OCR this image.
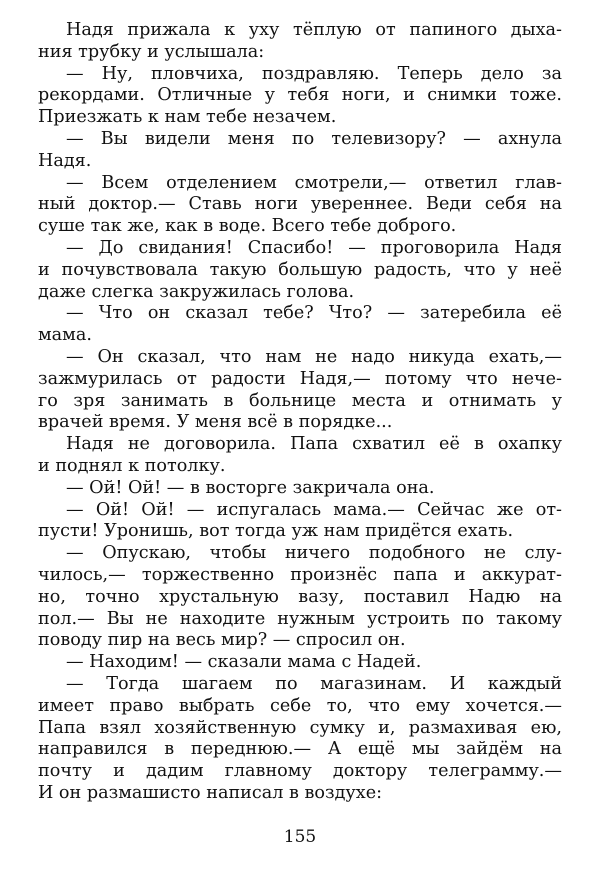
Надя прижала к уху тёплую от папиного дыха-
ния трубку и услышала:
— Ну, пловчиха, поздравляю. Теперь дело за
рекордами. Отличные у тебя ноги, и снимки тоже.
Приезжать к нам тебе незачем.
— Вы видели меня по телевизору? — ахнула
Надя.
— Всем отделением смотрели,— ответил глав-
ный доктор.— Ставь ноги увереннее. Веди себя на
суше так же, как в воде. Всего тебе доброго.
— До свидания! Спасибо! — проговорила Надя
и почувствовала такую большую радость, что у неё
даже слегка закружилась голова.
— Что он сказал тебе? Что? — затеребила её
мама.
— Он сказал, что нам не надо никуда ехать,—
зажмурилась от радости Надя,— потому что нече-
го зря занимать в больнице места и отнимать у
врачей время. У меня всё в порядке...
Надя не договорила. Папа схватил её в охапку
и поднял к потолку.
— Ой! Ой! — в восторге закричала она.
— Ой! Ой! — испугалась мама.— Сейчас же от-
пусти! Уронишь, вот тогда уж нам придётся ехать.
— Опускаю, чтобы ничего подобного не слу-
чилось,— торжественно произнёс папа и аккурат-
но, точно хрустальную вазу, поставил Надю на
пол.— Вы не находите нужным устроить по такому
поводу пир на весь мир? — спросил он.
— Находим! — сказали мама с Надей.
— Тогда шагаем по магазинам. И каждый
имеет право выбрать себе то, что ему хочется.—
Папа взял хозяйственную сумку и, размахивая ею,
направился в переднюю.— А ещё мы зайдём на
почту и дадим главному доктору телеграмму.—
И он размашисто написал в воздухе:
155
